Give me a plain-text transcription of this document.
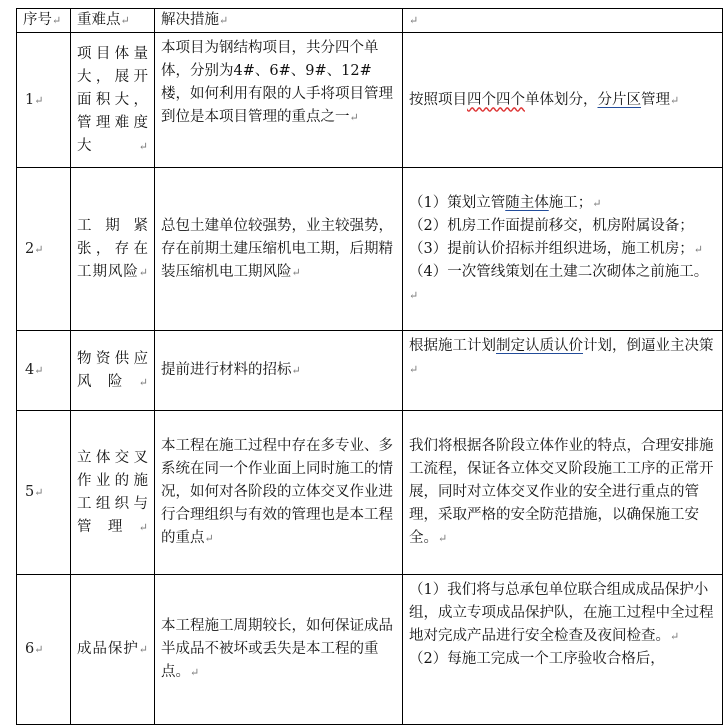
序号↵	重难点↵	解决措施↵	↵
1↵	项目体量大，展开面积大，管理难度大↵	本项目为钢结构项目，共分四个单体，分别为4#、6#、9#、12#楼，如何利用有限的人手将项目管理到位是本项目管理的重点之一↵	按照项目四个四个单体划分，分片区管理↵
2↵	工期紧张，存在工期风险↵	总包土建单位较强势，业主较强势，存在前期土建压缩机电工期，后期精装压缩机电工期风险↵	（1）策划立管随主体施工；↵
（2）机房工作面提前移交，机房附属设备；（3）提前认价招标并组织进场，施工机房；↵
（4）一次管线策划在土建二次砌体之前施工。↵

4↵	物资供应风险↵	提前进行材料的招标↵	根据施工计划制定认质认价计划，倒逼业主决策
↵

5↵	立体交叉作业的施工组织与管理↵	本工程在施工过程中存在多专业、多系统在同一个作业面上同时施工的情况，如何对各阶段的立体交叉作业进行合理组织与有效的管理也是本工程的重点↵	我们将根据各阶段立体作业的特点，合理安排施工流程，保证各立体交叉阶段施工工序的正常开展，同时对立体交叉作业的安全进行重点的管理，采取严格的安全防范措施，以确保施工安全。↵
6↵	成品保护↵	本工程施工周期较长，如何保证成品半成品不被坏或丢失是本工程的重点。↵	（1）我们将与总承包单位联合组成成品保护小组，成立专项成品保护队，在施工过程中全过程地对完成产品进行安全检查及夜间检查。↵
（2）每施工完成一个工序验收合格后，
